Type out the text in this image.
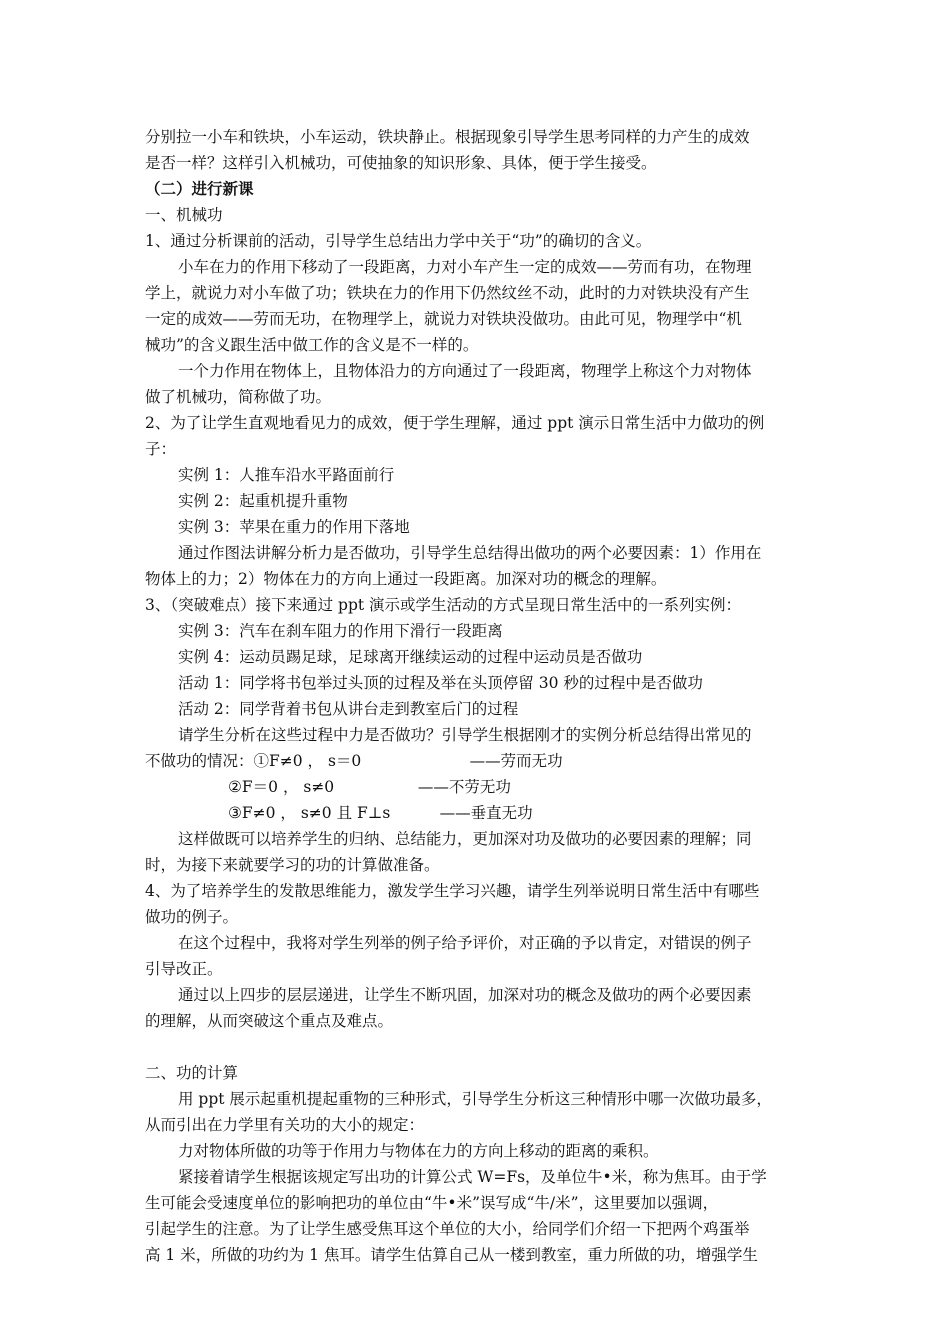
分别拉一小车和铁块，小车运动，铁块静止。根据现象引导学生思考同样的力产生的成效
是否一样？这样引入机械功，可使抽象的知识形象、具体，便于学生接受。
（二）进行新课
一、机械功
1、通过分析课前的活动，引导学生总结出力学中关于“功”的确切的含义。
小车在力的作用下移动了一段距离，力对小车产生一定的成效——劳而有功，在物理
学上，就说力对小车做了功；铁块在力的作用下仍然纹丝不动，此时的力对铁块没有产生
一定的成效——劳而无功，在物理学上，就说力对铁块没做功。由此可见，物理学中“机
械功”的含义跟生活中做工作的含义是不一样的。
一个力作用在物体上，且物体沿力的方向通过了一段距离，物理学上称这个力对物体
做了机械功，简称做了功。
2、为了让学生直观地看见力的成效，便于学生理解，通过 ppt 演示日常生活中力做功的例
子：
实例 1：人推车沿水平路面前行
实例 2：起重机提升重物
实例 3：苹果在重力的作用下落地
通过作图法讲解分析力是否做功，引导学生总结得出做功的两个必要因素：1）作用在
物体上的力；2）物体在力的方向上通过一段距离。加深对功的概念的理解。
3、（突破难点）接下来通过 ppt 演示或学生活动的方式呈现日常生活中的一系列实例：
实例 3：汽车在刹车阻力的作用下滑行一段距离
实例 4：运动员踢足球，足球离开继续运动的过程中运动员是否做功
活动 1：同学将书包举过头顶的过程及举在头顶停留 30 秒的过程中是否做功
活动 2：同学背着书包从讲台走到教室后门的过程
请学生分析在这些过程中力是否做功？引导学生根据刚才的实例分析总结得出常见的
不做功的情况：①F≠0 ， s＝0                      ——劳而无功
②F＝0 ， s≠0                 ——不劳无功
③F≠0 ， s≠0 且 F⊥s          ——垂直无功
这样做既可以培养学生的归纳、总结能力，更加深对功及做功的必要因素的理解；同
时，为接下来就要学习的功的计算做准备。
4、为了培养学生的发散思维能力，激发学生学习兴趣，请学生列举说明日常生活中有哪些
做功的例子。
在这个过程中，我将对学生列举的例子给予评价，对正确的予以肯定，对错误的例子
引导改正。
通过以上四步的层层递进，让学生不断巩固，加深对功的概念及做功的两个必要因素
的理解，从而突破这个重点及难点。
二、功的计算
用 ppt 展示起重机提起重物的三种形式，引导学生分析这三种情形中哪一次做功最多，
从而引出在力学里有关功的大小的规定：
力对物体所做的功等于作用力与物体在力的方向上移动的距离的乘积。
紧接着请学生根据该规定写出功的计算公式 W=Fs，及单位牛•米，称为焦耳。由于学
生可能会受速度单位的影响把功的单位由“牛•米”误写成“牛/米”，这里要加以强调，
引起学生的注意。为了让学生感受焦耳这个单位的大小，给同学们介绍一下把两个鸡蛋举
高 1 米，所做的功约为 1 焦耳。请学生估算自己从一楼到教室，重力所做的功，增强学生
